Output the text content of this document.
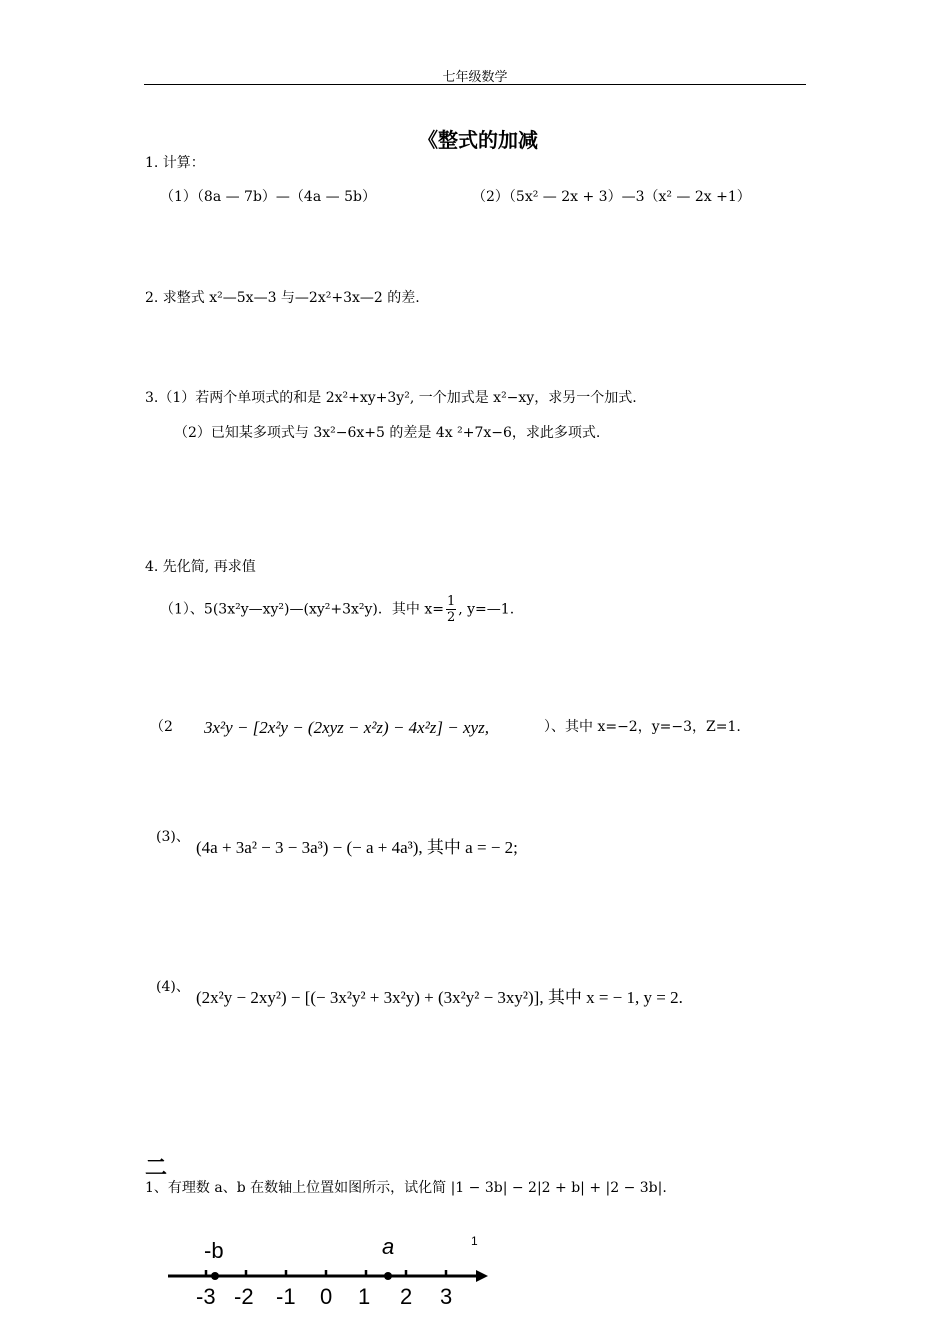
七年级数学
《整式的加减
1. 计算：
（1）（8a — 7b）—（4a — 5b）	（2）（5x² — 2x + 3）—3（x² — 2x +1）
2. 求整式 x²—5x—3 与—2x²+3x—2 的差.
3.（1）若两个单项式的和是 2x²+xy+3y², 一个加式是 x²−xy，求另一个加式.
（2）已知某多项式与 3x²−6x+5 的差是 4x ²+7x−6，求此多项式.
4. 先化简, 再求值
（1）、5(3x²y—xy²)—(xy²+3x²y)．其中 $x= \frac{1}{2}$ , y=—1.
（2 3x²y − [2x²y − (2xyz − x²z) − 4x²z] − xyz,	）、其中 x=−2，y=−3，Z=1.
(3)、
(4a + 3a² − 3 − 3a³) − (− a + 4a³), 其中 a = − 2;
(4)、
(2x²y − 2xy²) − [(− 3x²y² + 3x²y) + (3x²y² − 3xy²)], 其中 x = − 1, y = 2.
二
1、有理数 a、b 在数轴上位置如图所示，试化简 |1 − 3b| − 2|2 + b| + |2 − 3b|.
-b	a	1
-3 -2 -1 0 1 2 3
